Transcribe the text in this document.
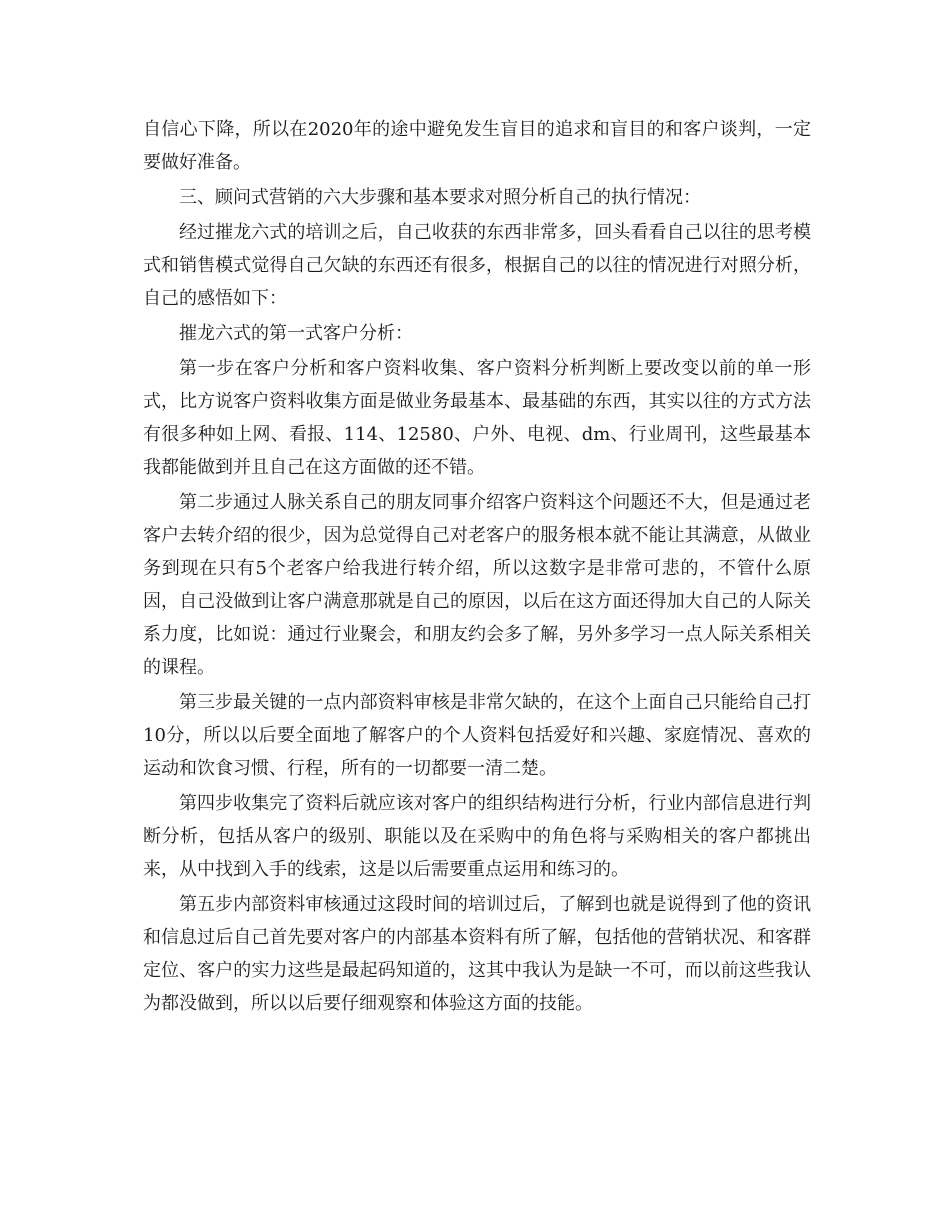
自信心下降，所以在2020年的途中避免发生盲目的追求和盲目的和客户谈判，一定要做好准备。

三、顾问式营销的六大步骤和基本要求对照分析自己的执行情况：

经过摧龙六式的培训之后，自己收获的东西非常多，回头看看自己以往的思考模式和销售模式觉得自己欠缺的东西还有很多，根据自己的以往的情况进行对照分析，自己的感悟如下：

摧龙六式的第一式客户分析：

第一步在客户分析和客户资料收集、客户资料分析判断上要改变以前的单一形式，比方说客户资料收集方面是做业务最基本、最基础的东西，其实以往的方式方法有很多种如上网、看报、114、12580、户外、电视、dm、行业周刊，这些最基本我都能做到并且自己在这方面做的还不错。

第二步通过人脉关系自己的朋友同事介绍客户资料这个问题还不大，但是通过老客户去转介绍的很少，因为总觉得自己对老客户的服务根本就不能让其满意，从做业务到现在只有5个老客户给我进行转介绍，所以这数字是非常可悲的，不管什么原因，自己没做到让客户满意那就是自己的原因，以后在这方面还得加大自己的人际关系力度，比如说：通过行业聚会，和朋友约会多了解，另外多学习一点人际关系相关的课程。

第三步最关键的一点内部资料审核是非常欠缺的，在这个上面自己只能给自己打10分，所以以后要全面地了解客户的个人资料包括爱好和兴趣、家庭情况、喜欢的运动和饮食习惯、行程，所有的一切都要一清二楚。

第四步收集完了资料后就应该对客户的组织结构进行分析，行业内部信息进行判断分析，包括从客户的级别、职能以及在采购中的角色将与采购相关的客户都挑出来，从中找到入手的线索，这是以后需要重点运用和练习的。

第五步内部资料审核通过这段时间的培训过后，了解到也就是说得到了他的资讯和信息过后自己首先要对客户的内部基本资料有所了解，包括他的营销状况、和客群定位、客户的实力这些是最起码知道的，这其中我认为是缺一不可，而以前这些我认为都没做到，所以以后要仔细观察和体验这方面的技能。
